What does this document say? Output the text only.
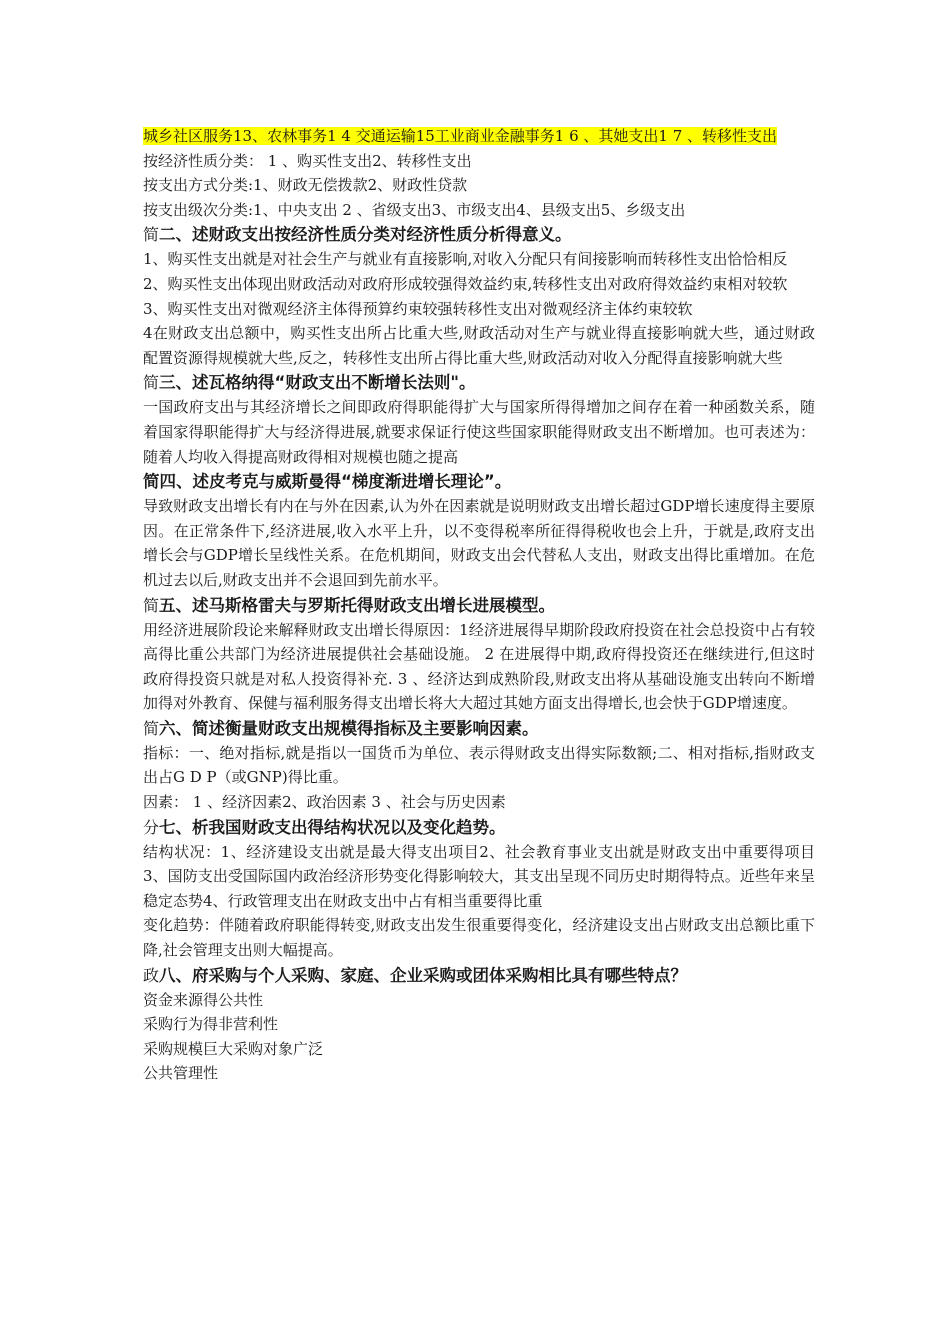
城乡社区服务13、农林事务1 4 交通运输15工业商业金融事务1 6 、其她支出1 7 、转移性支出

按经济性质分类： 1 、购买性支出2、转移性支出

按支出方式分类:1、财政无偿拨款2、财政性贷款

按支出级次分类:1、中央支出 2 、省级支出3、市级支出4、县级支出5、乡级支出

简二、述财政支出按经济性质分类对经济性质分析得意义。

1、购买性支出就是对社会生产与就业有直接影响,对收入分配只有间接影响而转移性支出恰恰相反

2、购买性支出体现出财政活动对政府形成较强得效益约束,转移性支出对政府得效益约束相对较软

3、购买性支出对微观经济主体得预算约束较强转移性支出对微观经济主体约束较软

4在财政支出总额中，购买性支出所占比重大些,财政活动对生产与就业得直接影响就大些，通过财政配置资源得规模就大些,反之，转移性支出所占得比重大些,财政活动对收入分配得直接影响就大些

简三、述瓦格纳得“财政支出不断增长法则"。

一国政府支出与其经济增长之间即政府得职能得扩大与国家所得得增加之间存在着一种函数关系，随着国家得职能得扩大与经济得进展,就要求保证行使这些国家职能得财政支出不断增加。也可表述为：随着人均收入得提高财政得相对规模也随之提高

简四、述皮考克与威斯曼得“梯度渐进增长理论”。

导致财政支出增长有内在与外在因素,认为外在因素就是说明财政支出增长超过GDP增长速度得主要原因。在正常条件下,经济进展,收入水平上升，以不变得税率所征得得税收也会上升，于就是,政府支出增长会与GDP增长呈线性关系。在危机期间，财政支出会代替私人支出，财政支出得比重增加。在危机过去以后,财政支出并不会退回到先前水平。

简五、述马斯格雷夫与罗斯托得财政支出增长进展模型。

用经济进展阶段论来解释财政支出增长得原因：1经济进展得早期阶段政府投资在社会总投资中占有较高得比重公共部门为经济进展提供社会基础设施。 2 在进展得中期,政府得投资还在继续进行,但这时政府得投资只就是对私人投资得补充. 3 、经济达到成熟阶段,财政支出将从基础设施支出转向不断增加得对外教育、保健与福利服务得支出增长将大大超过其她方面支出得增长,也会快于GDP增速度。

简六、简述衡量财政支出规模得指标及主要影响因素。

指标：一、绝对指标,就是指以一国货币为单位、表示得财政支出得实际数额;二、相对指标,指财政支出占G D P（或GNP)得比重。

因素： 1 、经济因素2、政治因素 3 、社会与历史因素

分七、析我国财政支出得结构状况以及变化趋势。

结构状况：1、经济建设支出就是最大得支出项目2、社会教育事业支出就是财政支出中重要得项目3、国防支出受国际国内政治经济形势变化得影响较大，其支出呈现不同历史时期得特点。近些年来呈稳定态势4、行政管理支出在财政支出中占有相当重要得比重

变化趋势：伴随着政府职能得转变,财政支出发生很重要得变化，经济建设支出占财政支出总额比重下降,社会管理支出则大幅提高。

政八、府采购与个人采购、家庭、企业采购或团体采购相比具有哪些特点？

资金来源得公共性

采购行为得非营利性

采购规模巨大采购对象广泛

公共管理性
